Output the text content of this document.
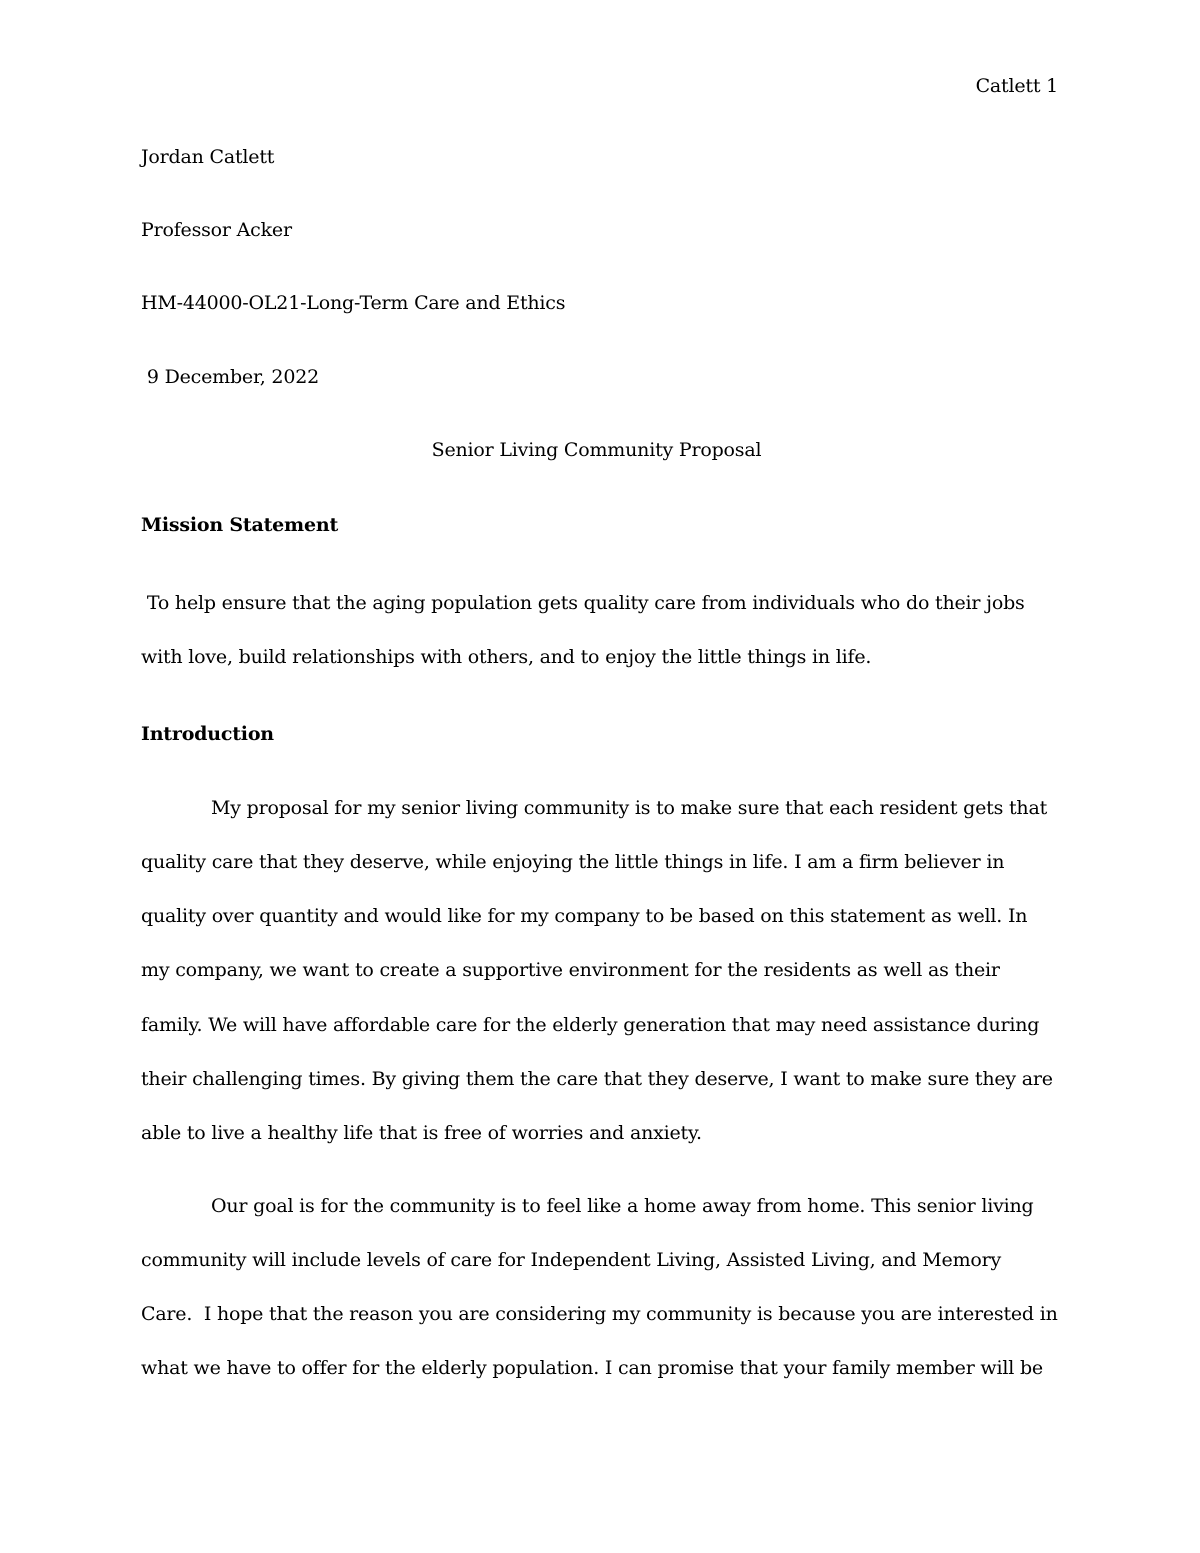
Catlett 1
Jordan Catlett
Professor Acker
HM-44000-OL21-Long-Term Care and Ethics
9 December, 2022
Senior Living Community Proposal
Mission Statement
To help ensure that the aging population gets quality care from individuals who do their jobs
with love, build relationships with others, and to enjoy the little things in life.
Introduction
My proposal for my senior living community is to make sure that each resident gets that
quality care that they deserve, while enjoying the little things in life. I am a firm believer in
quality over quantity and would like for my company to be based on this statement as well. In
my company, we want to create a supportive environment for the residents as well as their
family. We will have affordable care for the elderly generation that may need assistance during
their challenging times. By giving them the care that they deserve, I want to make sure they are
able to live a healthy life that is free of worries and anxiety.
Our goal is for the community is to feel like a home away from home. This senior living
community will include levels of care for Independent Living, Assisted Living, and Memory
Care.  I hope that the reason you are considering my community is because you are interested in
what we have to offer for the elderly population. I can promise that your family member will be
